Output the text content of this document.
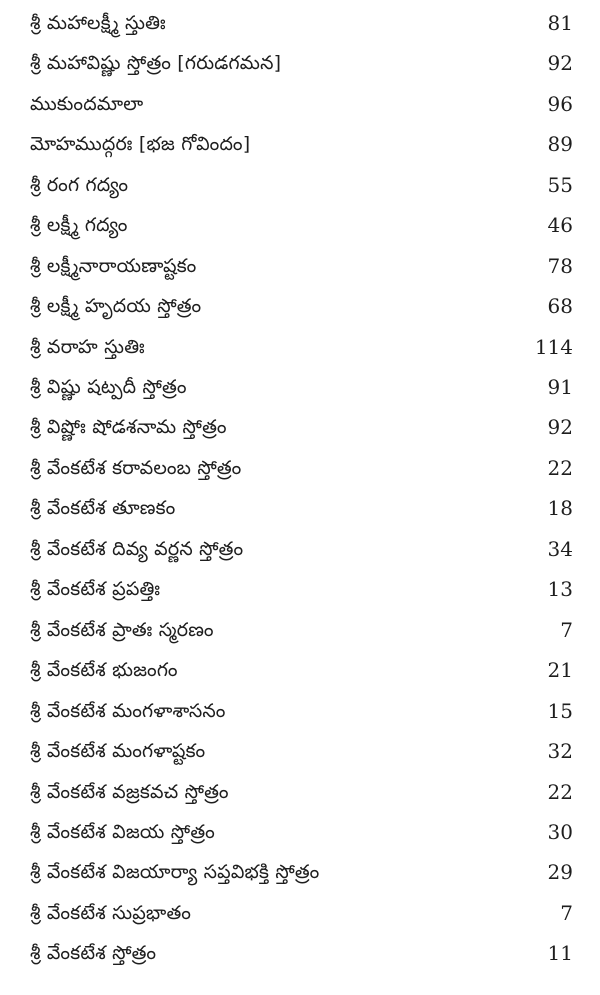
శ్రీ మహాలక్ష్మీ స్తుతిః	81
శ్రీ మహావిష్ణు స్తోత్రం [గరుడగమన]	92
ముకుందమాలా	96
మోహముద్గరః [భజ గోవిందం]	89
శ్రీ రంగ గద్యం	55
శ్రీ లక్ష్మీ గద్యం	46
శ్రీ లక్ష్మీనారాయణాష్టకం	78
శ్రీ లక్ష్మీ హృదయ స్తోత్రం	68
శ్రీ వరాహ స్తుతిః	114
శ్రీ విష్ణు షట్పదీ స్తోత్రం	91
శ్రీ విష్ణోః షోడశనామ స్తోత్రం	92
శ్రీ వేంకటేశ కరావలంబ స్తోత్రం	22
శ్రీ వేంకటేశ తూణకం	18
శ్రీ వేంకటేశ దివ్య వర్ణన స్తోత్రం	34
శ్రీ వేంకటేశ ప్రపత్తిః	13
శ్రీ వేంకటేశ ప్రాతః స్మరణం	7
శ్రీ వేంకటేశ భుజంగం	21
శ్రీ వేంకటేశ మంగళాశాసనం	15
శ్రీ వేంకటేశ మంగళాష్టకం	32
శ్రీ వేంకటేశ వజ్రకవచ స్తోత్రం	22
శ్రీ వేంకటేశ విజయ స్తోత్రం	30
శ్రీ వేంకటేశ విజయార్యా సప్తవిభక్తి స్తోత్రం	29
శ్రీ వేంకటేశ సుప్రభాతం	7
శ్రీ వేంకటేశ స్తోత్రం	11
